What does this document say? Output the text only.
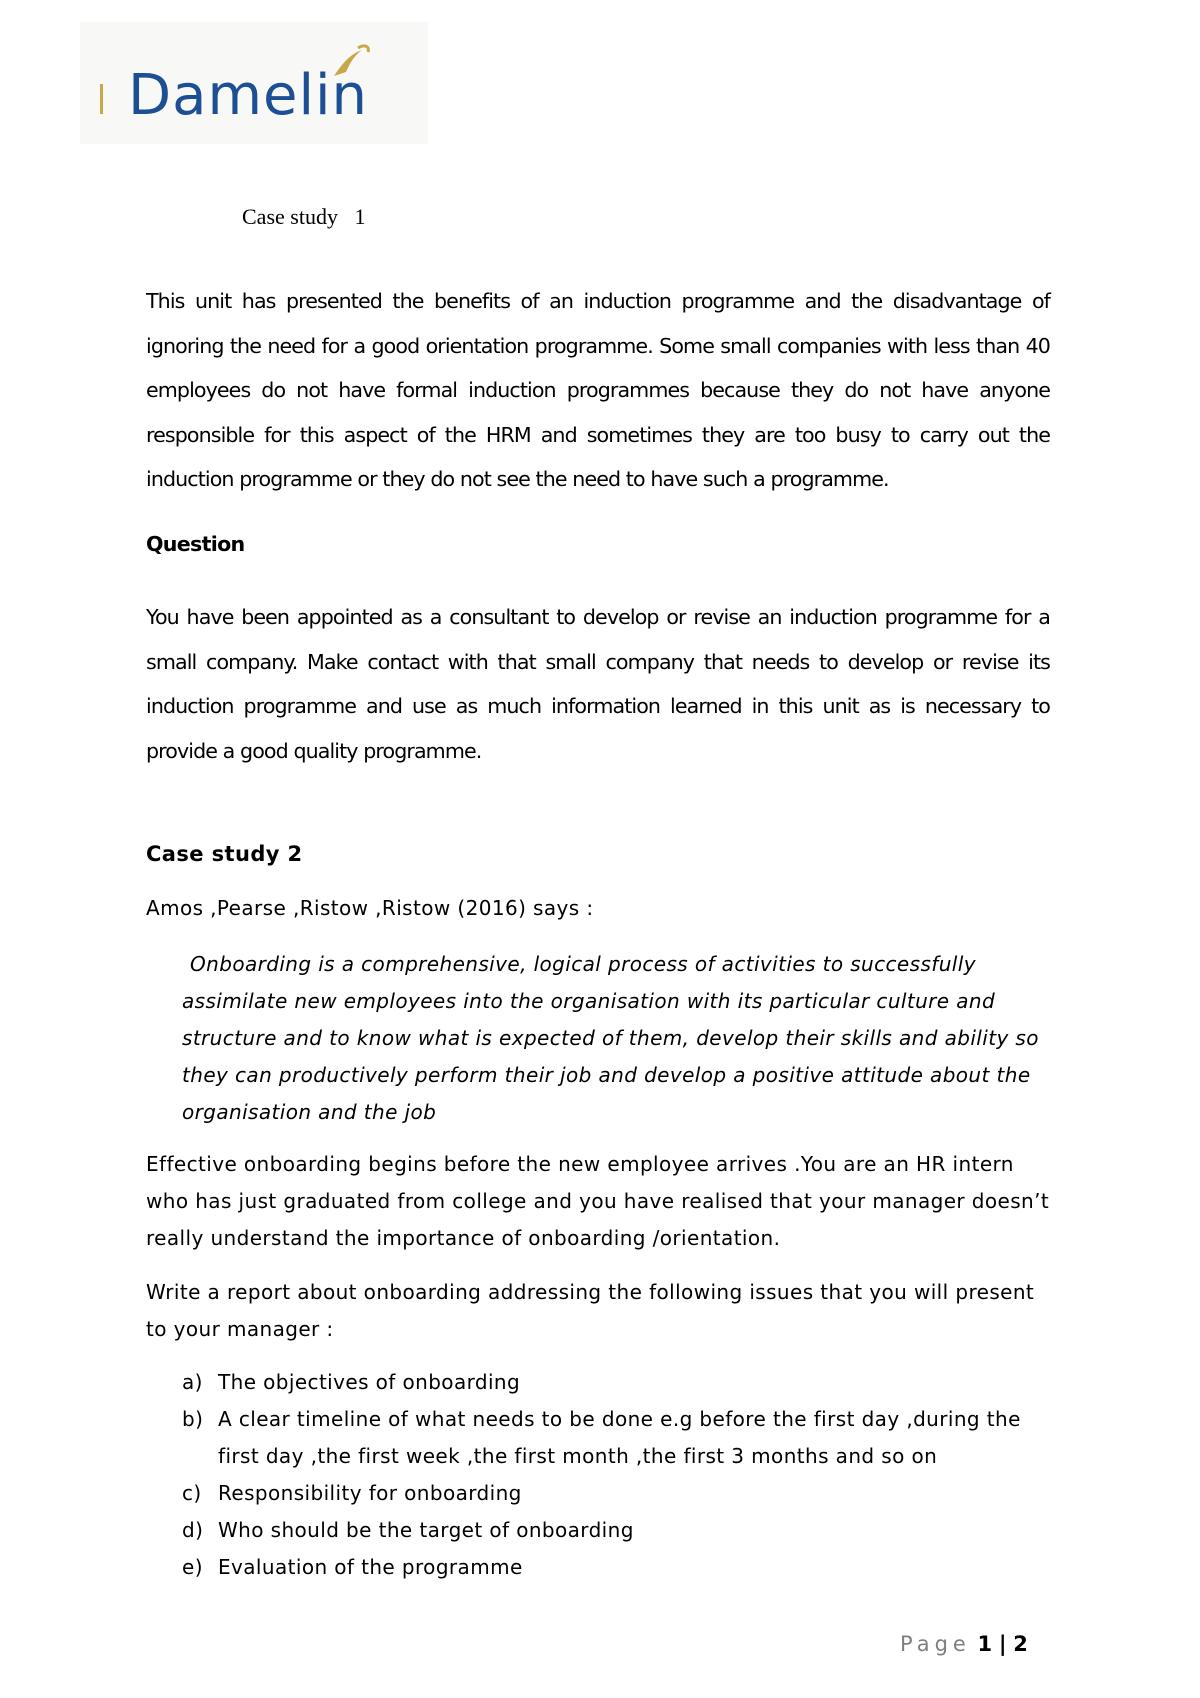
Damelin

Case study   1

This unit has presented the benefits of an induction programme and the disadvantage of ignoring the need for a good orientation programme. Some small companies with less than 40 employees do not have formal induction programmes because they do not have anyone responsible for this aspect of the HRM and sometimes they are too busy to carry out the induction programme or they do not see the need to have such a programme.

Question

You have been appointed as a consultant to develop or revise an induction programme for a small company. Make contact with that small company that needs to develop or revise its induction programme and use as much information learned in this unit as is necessary to provide a good quality programme.

Case study 2

Amos ,Pearse ,Ristow ,Ristow (2016) says :

Onboarding is a comprehensive, logical process of activities to successfully assimilate new employees into the organisation with its particular culture and structure and to know what is expected of them, develop their skills and ability so they can productively perform their job and develop a positive attitude about the organisation and the job

Effective onboarding begins before the new employee arrives .You are an HR intern who has just graduated from college and you have realised that your manager doesn’t really understand the importance of onboarding /orientation.

Write a report about onboarding addressing the following issues that you will present to your manager :

a) The objectives of onboarding
b) A clear timeline of what needs to be done e.g before the first day ,during the first day ,the first week ,the first month ,the first 3 months and so on
c) Responsibility for onboarding
d) Who should be the target of onboarding
e) Evaluation of the programme

Page 1 | 2
